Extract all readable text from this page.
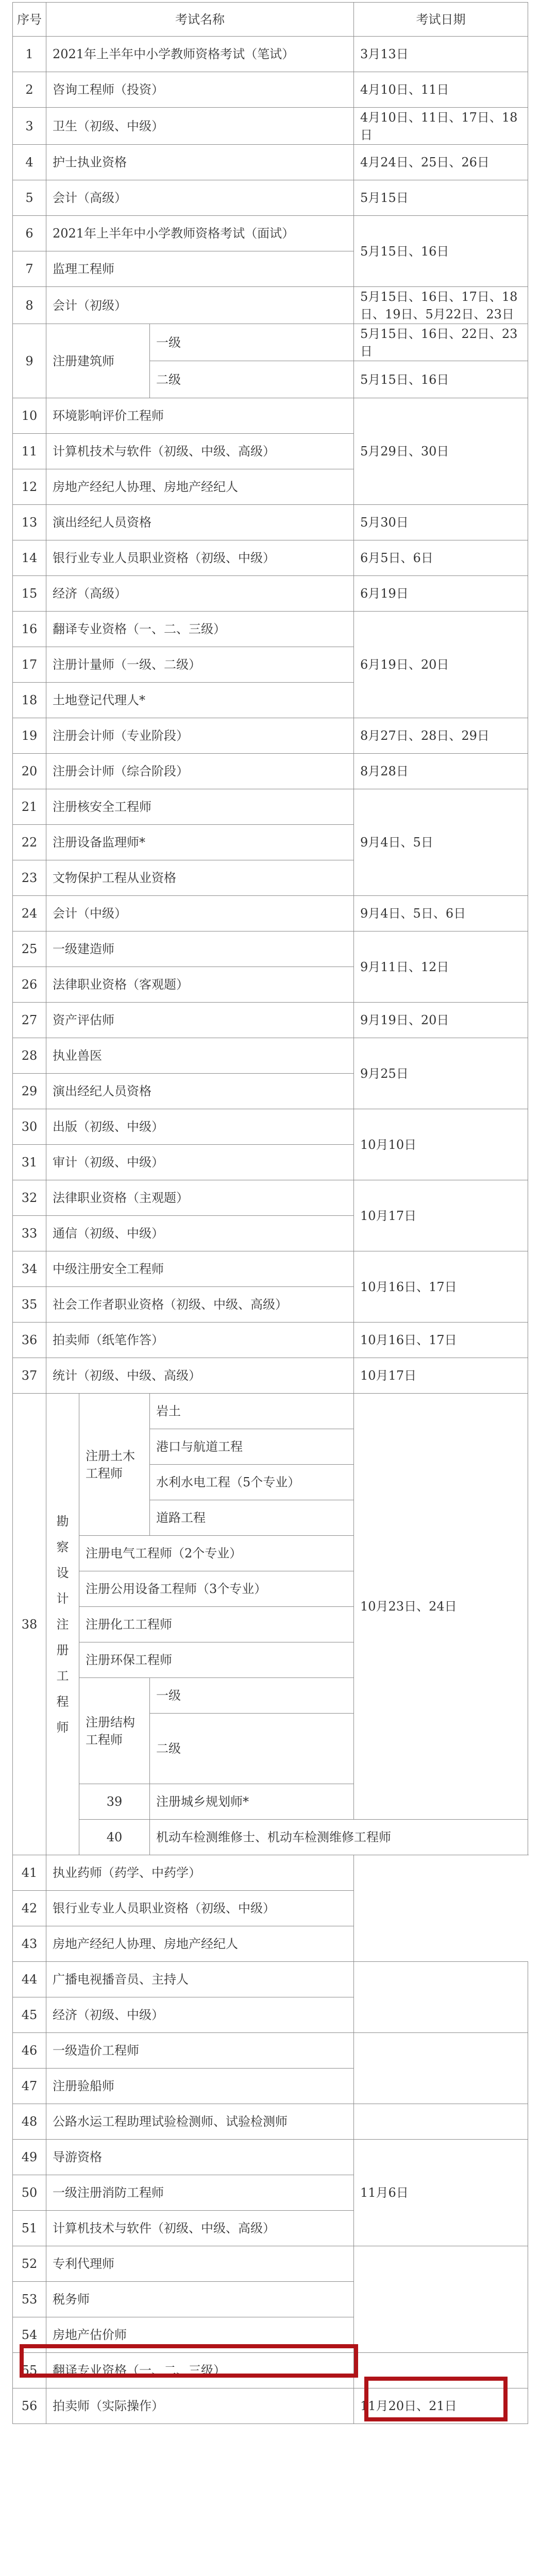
序号	考试名称			考试日期	
1	2021年上半年中小学教师资格考试（笔试）			3月13日	
2	咨询工程师（投资）			4月10日、11日	
3	卫生（初级、中级）			4月10日、11日、17日、18日	
4	护士执业资格			4月24日、25日、26日	
5	会计（高级）			5月15日	
6	2021年上半年中小学教师资格考试（面试）			5月15日、16日	
7	监理工程师				
8	会计（初级）			5月15日、16日、17日、18日、19日、5月22日、23日	
9	注册建筑师		一级	5月15日、16日、22日、23日	
			二级	5月15日、16日	
10	环境影响评价工程师			5月29日、30日	
11	计算机技术与软件（初级、中级、高级）				
12	房地产经纪人协理、房地产经纪人				
13	演出经纪人员资格			5月30日	
14	银行业专业人员职业资格（初级、中级）			6月5日、6日	
15	经济（高级）			6月19日	
16	翻译专业资格（一、二、三级）			6月19日、20日	
17	注册计量师（一级、二级）				
18	土地登记代理人*				
19	注册会计师（专业阶段）			8月27日、28日、29日	
20	注册会计师（综合阶段）			8月28日	
21	注册核安全工程师			9月4日、5日	
22	注册设备监理师*				
23	文物保护工程从业资格				
24	会计（中级）			9月4日、5日、6日	
25	一级建造师			9月11日、12日	
26	法律职业资格（客观题）				
27	资产评估师			9月19日、20日	
28	执业兽医			9月25日	
29	演出经纪人员资格				
30	出版（初级、中级）			10月10日	
31	审计（初级、中级）				
32	法律职业资格（主观题）			10月17日	
33	通信（初级、中级）				
34	中级注册安全工程师			10月16日、17日	
35	社会工作者职业资格（初级、中级、高级）				
36	拍卖师（纸笔作答）			10月16日、17日	
37	统计（初级、中级、高级）			10月17日	
38	勘察设计注册工程师	注册土木工程师	岩土	10月23日、24日	
			港口与航道工程		
			水利水电工程（5个专业）		
			道路工程		
		注册电气工程师（2个专业）			
		注册公用设备工程师（3个专业）			
		注册化工工程师			
		注册环保工程师			
		注册结构工程师	一级		
			二级	
		39	注册城乡规划师*		
		40	机动车检测维修士、机动车检测维修工程师		
41	执业药师（药学、中药学）				
42	银行业专业人员职业资格（初级、中级）				
43	房地产经纪人协理、房地产经纪人				
44	广播电视播音员、主持人				
45	经济（初级、中级）				
46	一级造价工程师				
47	注册验船师				
48	公路水运工程助理试验检测师、试验检测师				
49	导游资格			11月6日	
50	一级注册消防工程师				
51	计算机技术与软件（初级、中级、高级）				
52	专利代理师				
53	税务师				
54	房地产估价师				
55	翻译专业资格（一、二、三级）				
56	拍卖师（实际操作）			11月20日、21日	
